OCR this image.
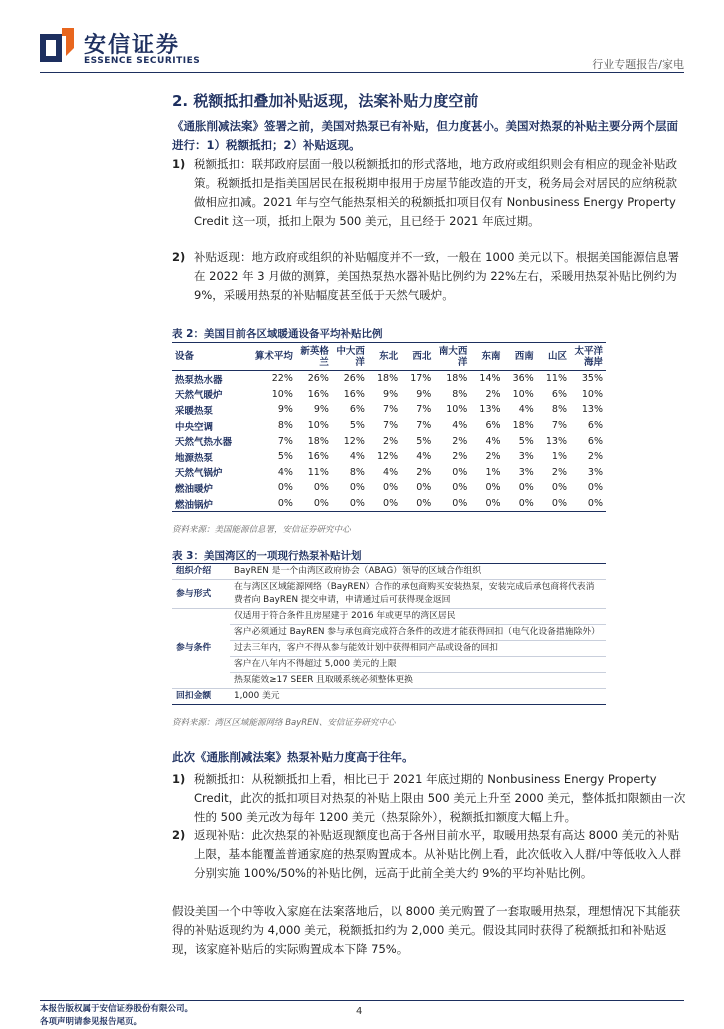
安信证券
ESSENCE SECURITIES	行业专题报告/家电
2. 税额抵扣叠加补贴返现，法案补贴力度空前
《通胀削减法案》签署之前，美国对热泵已有补贴，但力度甚小。美国对热泵的补贴主要分两个层面进行：1）税额抵扣；2）补贴返现。
1) 税额抵扣：联邦政府层面一般以税额抵扣的形式落地，地方政府或组织则会有相应的现金补贴政策。税额抵扣是指美国居民在报税期申报用于房屋节能改造的开支，税务局会对居民的应纳税款做相应扣减。2021 年与空气能热泵相关的税额抵扣项目仅有 Nonbusiness Energy Property Credit 这一项，抵扣上限为 500 美元，且已经于 2021 年底过期。
2) 补贴返现：地方政府或组织的补贴幅度并不一致，一般在 1000 美元以下。根据美国能源信息署在 2022 年 3 月做的测算，美国热泵热水器补贴比例约为 22%左右，采暖用热泵补贴比例约为 9%，采暖用热泵的补贴幅度甚至低于天然气暖炉。
表 2：美国目前各区域暖通设备平均补贴比例
设备	算术平均	新英格兰	中大西洋	东北	西北	南大西洋	东南	西南	山区	太平洋海岸
热泵热水器	22%	26%	26%	18%	17%	18%	14%	36%	11%	35%
天然气暖炉	10%	16%	16%	9%	9%	8%	2%	10%	6%	10%
采暖热泵	9%	9%	6%	7%	7%	10%	13%	4%	8%	13%
中央空调	8%	10%	5%	7%	7%	4%	6%	18%	7%	6%
天然气热水器	7%	18%	12%	2%	5%	2%	4%	5%	13%	6%
地源热泵	5%	16%	4%	12%	4%	2%	2%	3%	1%	2%
天然气锅炉	4%	11%	8%	4%	2%	0%	1%	3%	2%	3%
燃油暖炉	0%	0%	0%	0%	0%	0%	0%	0%	0%	0%
燃油锅炉	0%	0%	0%	0%	0%	0%	0%	0%	0%	0%
资料来源：美国能源信息署，安信证券研究中心
表 3：美国湾区的一项现行热泵补贴计划
组织介绍	BayREN 是一个由湾区政府协会（ABAG）领导的区域合作组织
参与形式	在与湾区区域能源网络（BayREN）合作的承包商购买安装热泵，安装完成后承包商将代表消费者向 BayREN 提交申请，申请通过后可获得现金返回
参与条件	仅适用于符合条件且房屋建于 2016 年或更早的湾区居民
	客户必须通过 BayREN 参与承包商完成符合条件的改进才能获得回扣（电气化设备措施除外）
	过去三年内，客户不得从参与能效计划中获得相同产品或设备的回扣
	客户在八年内不得超过 5,000 美元的上限
	热泵能效≥17 SEER 且取暖系统必须整体更换
回扣金额	1,000 美元
资料来源：湾区区域能源网络 BayREN、安信证券研究中心
此次《通胀削减法案》热泵补贴力度高于往年。
1) 税额抵扣：从税额抵扣上看，相比已于 2021 年底过期的 Nonbusiness Energy Property Credit，此次的抵扣项目对热泵的补贴上限由 500 美元上升至 2000 美元，整体抵扣限额由一次性的 500 美元改为每年 1200 美元（热泵除外），税额抵扣额度大幅上升。
2) 返现补贴：此次热泵的补贴返现额度也高于各州目前水平，取暖用热泵有高达 8000 美元的补贴上限，基本能覆盖普通家庭的热泵购置成本。从补贴比例上看，此次低收入人群/中等低收入人群分别实施 100%/50%的补贴比例，远高于此前全美大约 9%的平均补贴比例。
假设美国一个中等收入家庭在法案落地后，以 8000 美元购置了一套取暖用热泵，理想情况下其能获得的补贴返现约为 4,000 美元，税额抵扣约为 2,000 美元。假设其同时获得了税额抵扣和补贴返现，该家庭补贴后的实际购置成本下降 75%。
本报告版权属于安信证券股份有限公司。
各项声明请参见报告尾页。
4
